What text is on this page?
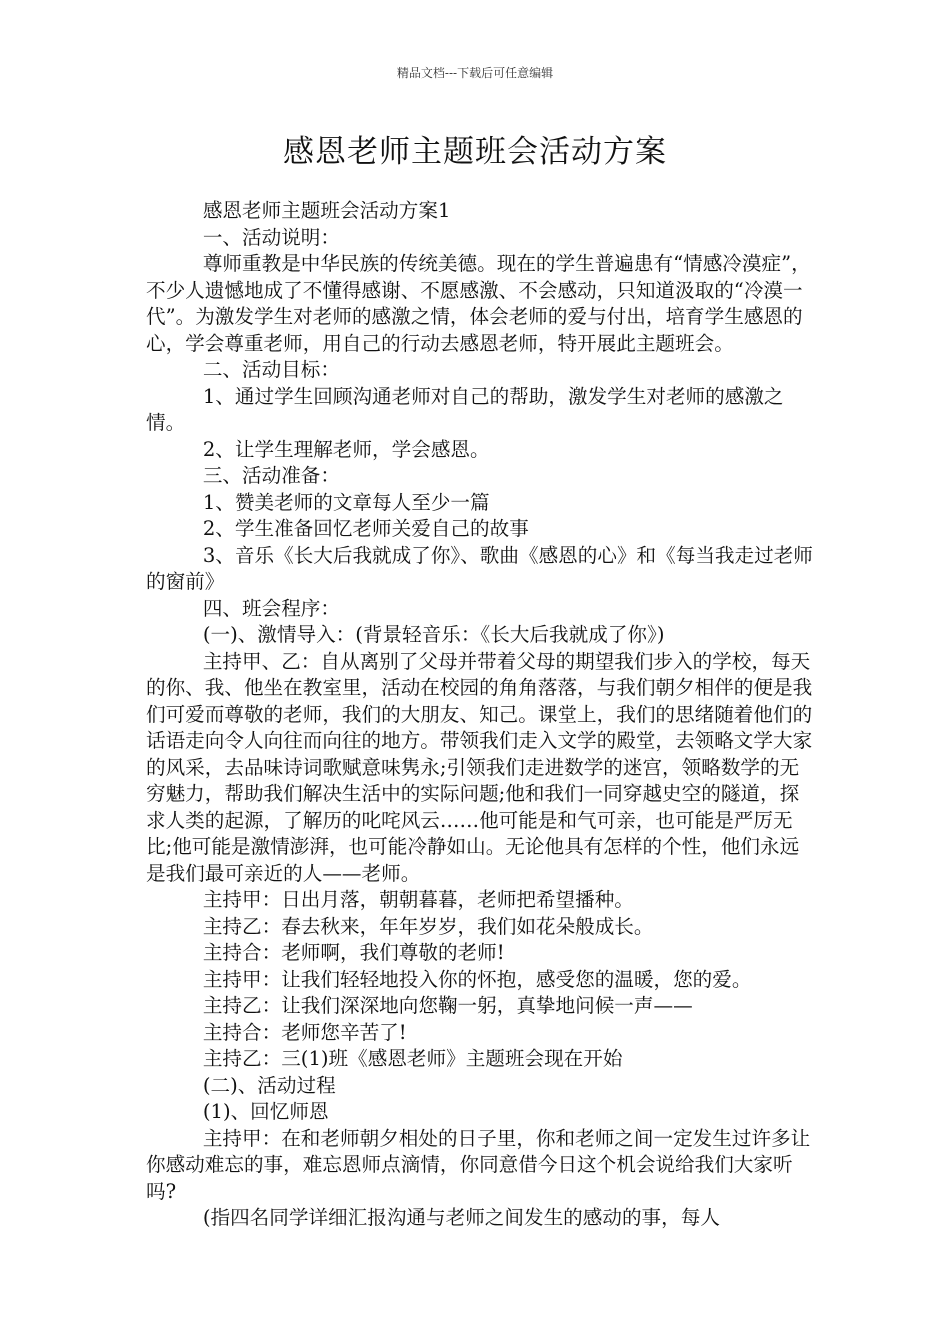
精品文档---下载后可任意编辑
感恩老师主题班会活动方案

感恩老师主题班会活动方案1

一、活动说明：

尊师重教是中华民族的传统美德。现在的学生普遍患有“情感冷漠症”，不少人遗憾地成了不懂得感谢、不愿感激、不会感动，只知道汲取的“冷漠一代”。为激发学生对老师的感激之情，体会老师的爱与付出，培育学生感恩的心，学会尊重老师，用自己的行动去感恩老师，特开展此主题班会。

二、活动目标：

1、通过学生回顾沟通老师对自己的帮助，激发学生对老师的感激之情。

2、让学生理解老师，学会感恩。

三、活动准备：

1、赞美老师的文章每人至少一篇

2、学生准备回忆老师关爱自己的故事

3、音乐《长大后我就成了你》、歌曲《感恩的心》和《每当我走过老师的窗前》

四、班会程序：

(一)、激情导入：(背景轻音乐：《长大后我就成了你》)

主持甲、乙：自从离别了父母并带着父母的期望我们步入的学校，每天的你、我、他坐在教室里，活动在校园的角角落落，与我们朝夕相伴的便是我们可爱而尊敬的老师，我们的大朋友、知己。课堂上，我们的思绪随着他们的话语走向令人向往而向往的地方。带领我们走入文学的殿堂，去领略文学大家的风采，去品味诗词歌赋意味隽永;引领我们走进数学的迷宫，领略数学的无穷魅力，帮助我们解决生活中的实际问题;他和我们一同穿越史空的隧道，探求人类的起源，了解历的叱咤风云……他可能是和气可亲，也可能是严厉无比;他可能是激情澎湃，也可能冷静如山。无论他具有怎样的个性，他们永远是我们最可亲近的人——老师。

主持甲：日出月落，朝朝暮暮，老师把希望播种。

主持乙：春去秋来，年年岁岁，我们如花朵般成长。

主持合：老师啊，我们尊敬的老师!

主持甲：让我们轻轻地投入你的怀抱，感受您的温暖，您的爱。

主持乙：让我们深深地向您鞠一躬，真挚地问候一声——

主持合：老师您辛苦了!

主持乙：三(1)班《感恩老师》主题班会现在开始

(二)、活动过程

(1)、回忆师恩

主持甲：在和老师朝夕相处的日子里，你和老师之间一定发生过许多让你感动难忘的事，难忘恩师点滴情，你同意借今日这个机会说给我们大家听吗?

(指四名同学详细汇报沟通与老师之间发生的感动的事，每人
